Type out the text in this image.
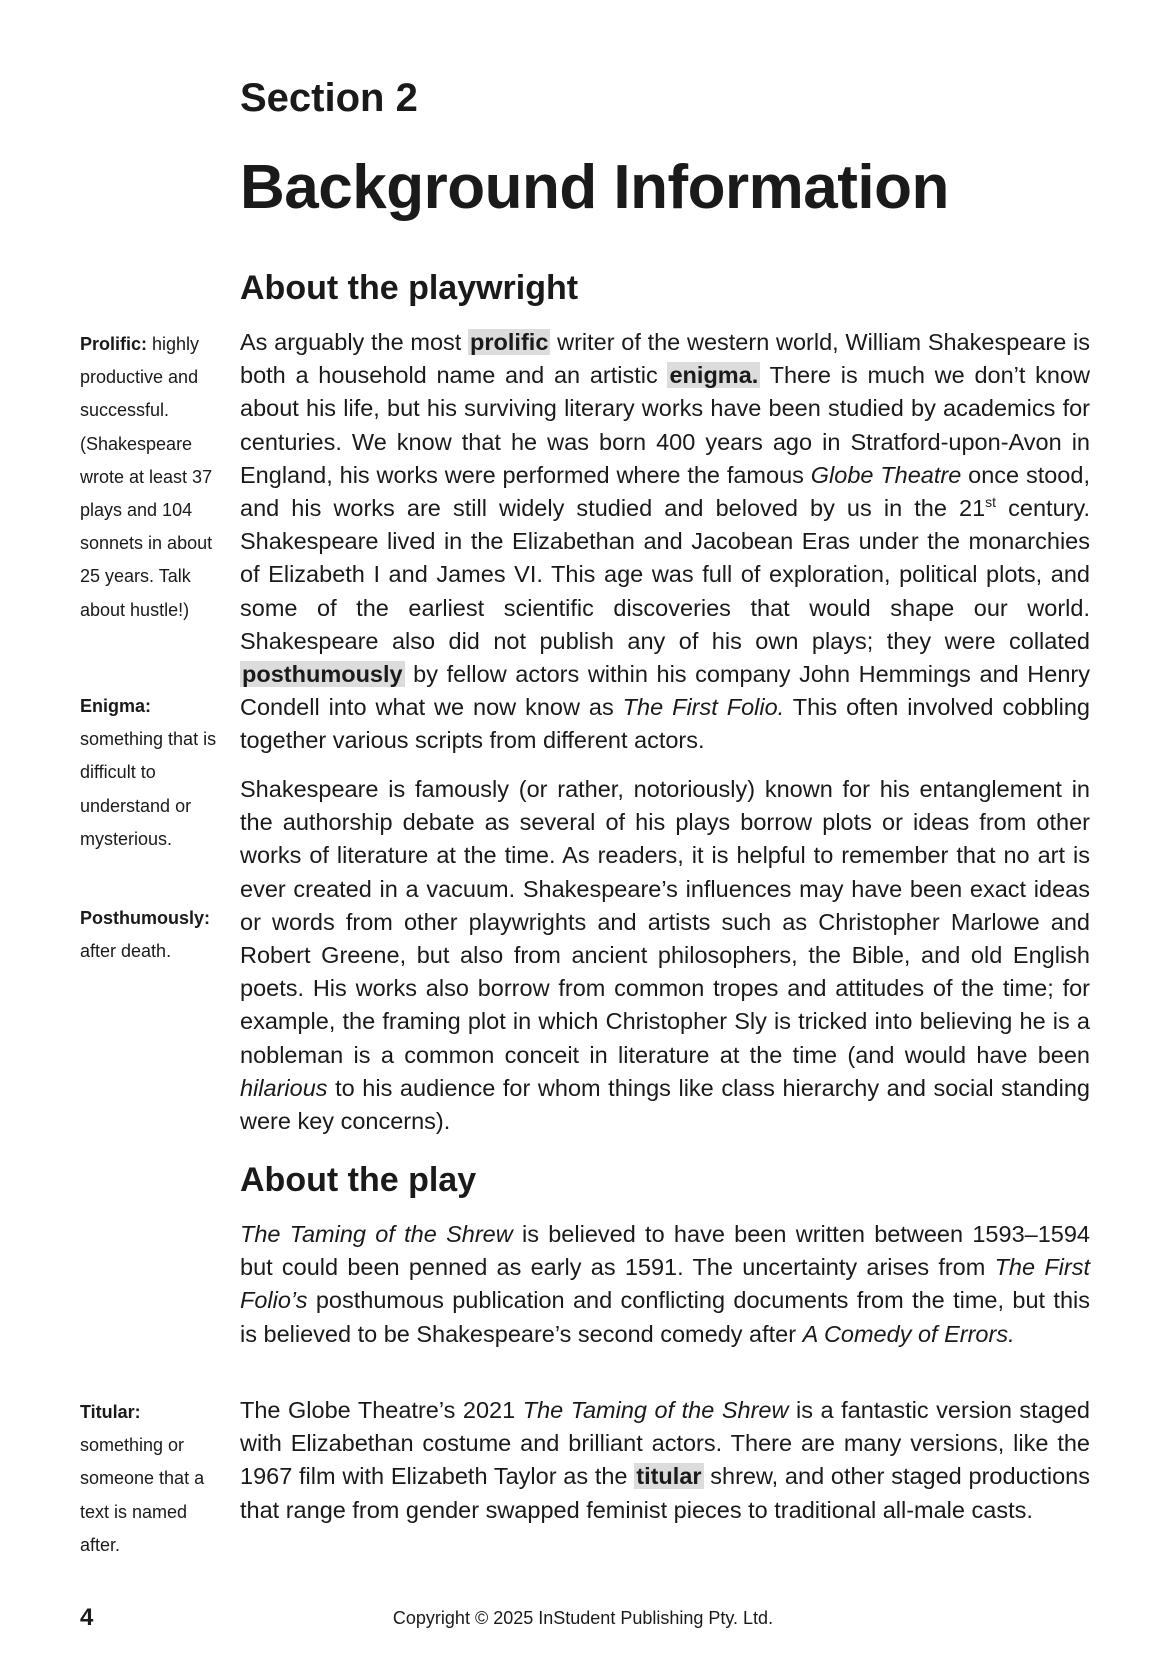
Section 2
Background Information
About the playwright

As arguably the most prolific writer of the western world, William Shakespeare is both a household name and an artistic enigma. There is much we don’t know about his life, but his surviving literary works have been studied by academics for centuries. We know that he was born 400 years ago in Stratford-upon-Avon in England, his works were performed where the famous Globe Theatre once stood, and his works are still widely studied and beloved by us in the 21st century. Shakespeare lived in the Elizabethan and Jacobean Eras under the monarchies of Elizabeth I and James VI. This age was full of exploration, political plots, and some of the earliest scientific discoveries that would shape our world. Shakespeare also did not publish any of his own plays; they were collated posthumously by fellow actors within his company John Hemmings and Henry Condell into what we now know as The First Folio. This often involved cobbling together various scripts from different actors.

Shakespeare is famously (or rather, notoriously) known for his entanglement in the authorship debate as several of his plays borrow plots or ideas from other works of literature at the time. As readers, it is helpful to remember that no art is ever created in a vacuum. Shakespeare’s influences may have been exact ideas or words from other playwrights and artists such as Christopher Marlowe and Robert Greene, but also from ancient philosophers, the Bible, and old English poets. His works also borrow from common tropes and attitudes of the time; for example, the framing plot in which Christopher Sly is tricked into believing he is a nobleman is a common conceit in literature at the time (and would have been hilarious to his audience for whom things like class hierarchy and social standing were key concerns).

About the play

The Taming of the Shrew is believed to have been written between 1593–1594 but could been penned as early as 1591. The uncertainty arises from The First Folio’s posthumous publication and conflicting documents from the time, but this is believed to be Shakespeare’s second comedy after A Comedy of Errors.

The Globe Theatre’s 2021 The Taming of the Shrew is a fantastic version staged with Elizabethan costume and brilliant actors. There are many versions, like the 1967 film with Elizabeth Taylor as the titular shrew, and other staged productions that range from gender swapped feminist pieces to traditional all-male casts.

Prolific: highly productive and successful. (Shakespeare wrote at least 37 plays and 104 sonnets in about 25 years. Talk about hustle!)

Enigma: something that is difficult to understand or mysterious.

Posthumously: after death.

Titular: something or someone that a text is named after.

4	Copyright © 2025 InStudent Publishing Pty. Ltd.
